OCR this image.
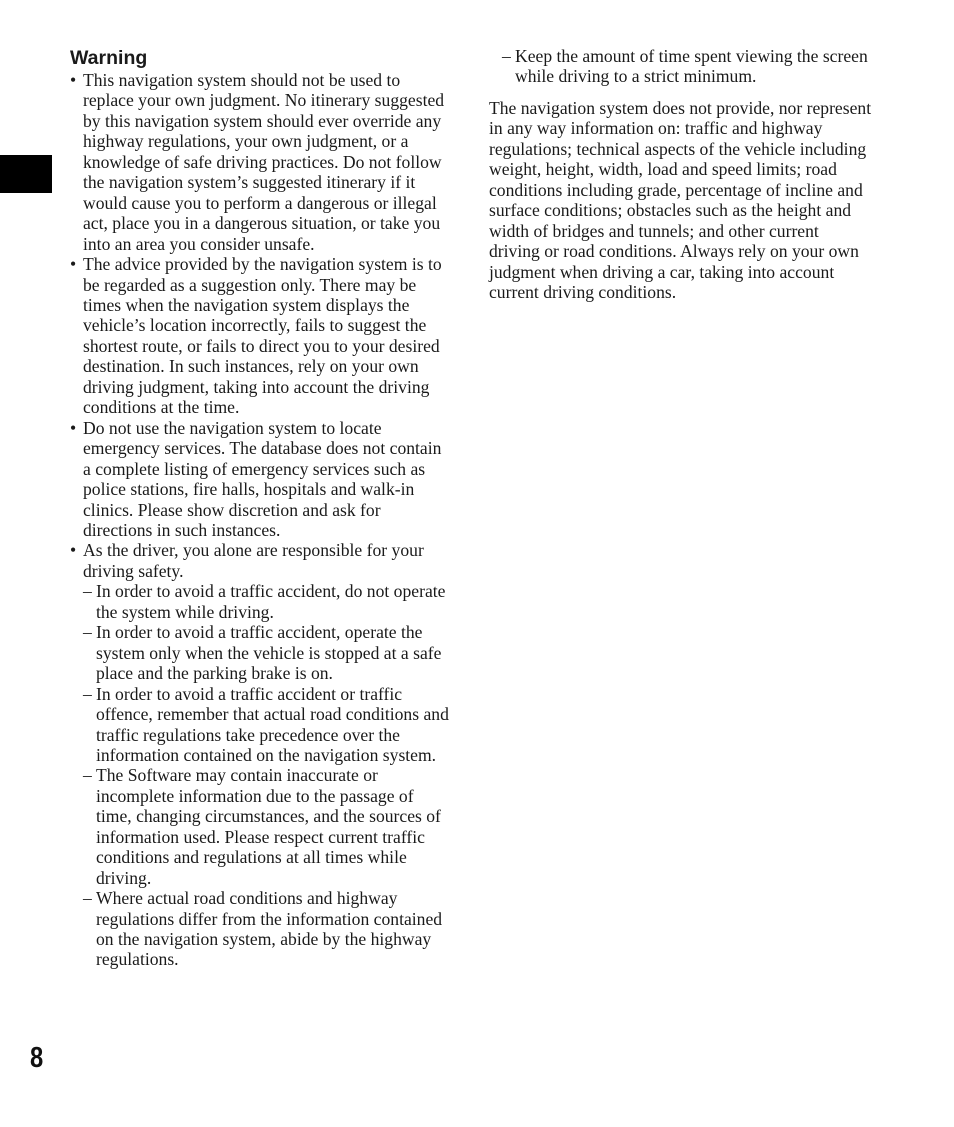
Warning
• This navigation system should not be used to replace your own judgment. No itinerary suggested by this navigation system should ever override any highway regulations, your own judgment, or a knowledge of safe driving practices. Do not follow the navigation system’s suggested itinerary if it would cause you to perform a dangerous or illegal act, place you in a dangerous situation, or take you into an area you consider unsafe.
• The advice provided by the navigation system is to be regarded as a suggestion only. There may be times when the navigation system displays the vehicle’s location incorrectly, fails to suggest the shortest route, or fails to direct you to your desired destination. In such instances, rely on your own driving judgment, taking into account the driving conditions at the time.
• Do not use the navigation system to locate emergency services. The database does not contain a complete listing of emergency services such as police stations, fire halls, hospitals and walk-in clinics. Please show discretion and ask for directions in such instances.
• As the driver, you alone are responsible for your driving safety.
– In order to avoid a traffic accident, do not operate the system while driving.
– In order to avoid a traffic accident, operate the system only when the vehicle is stopped at a safe place and the parking brake is on.
– In order to avoid a traffic accident or traffic offence, remember that actual road conditions and traffic regulations take precedence over the information contained on the navigation system.
– The Software may contain inaccurate or incomplete information due to the passage of time, changing circumstances, and the sources of information used. Please respect current traffic conditions and regulations at all times while driving.
– Where actual road conditions and highway regulations differ from the information contained on the navigation system, abide by the highway regulations.
– Keep the amount of time spent viewing the screen while driving to a strict minimum.

The navigation system does not provide, nor represent in any way information on: traffic and highway regulations; technical aspects of the vehicle including weight, height, width, load and speed limits; road conditions including grade, percentage of incline and surface conditions; obstacles such as the height and width of bridges and tunnels; and other current driving or road conditions. Always rely on your own judgment when driving a car, taking into account current driving conditions.

8
